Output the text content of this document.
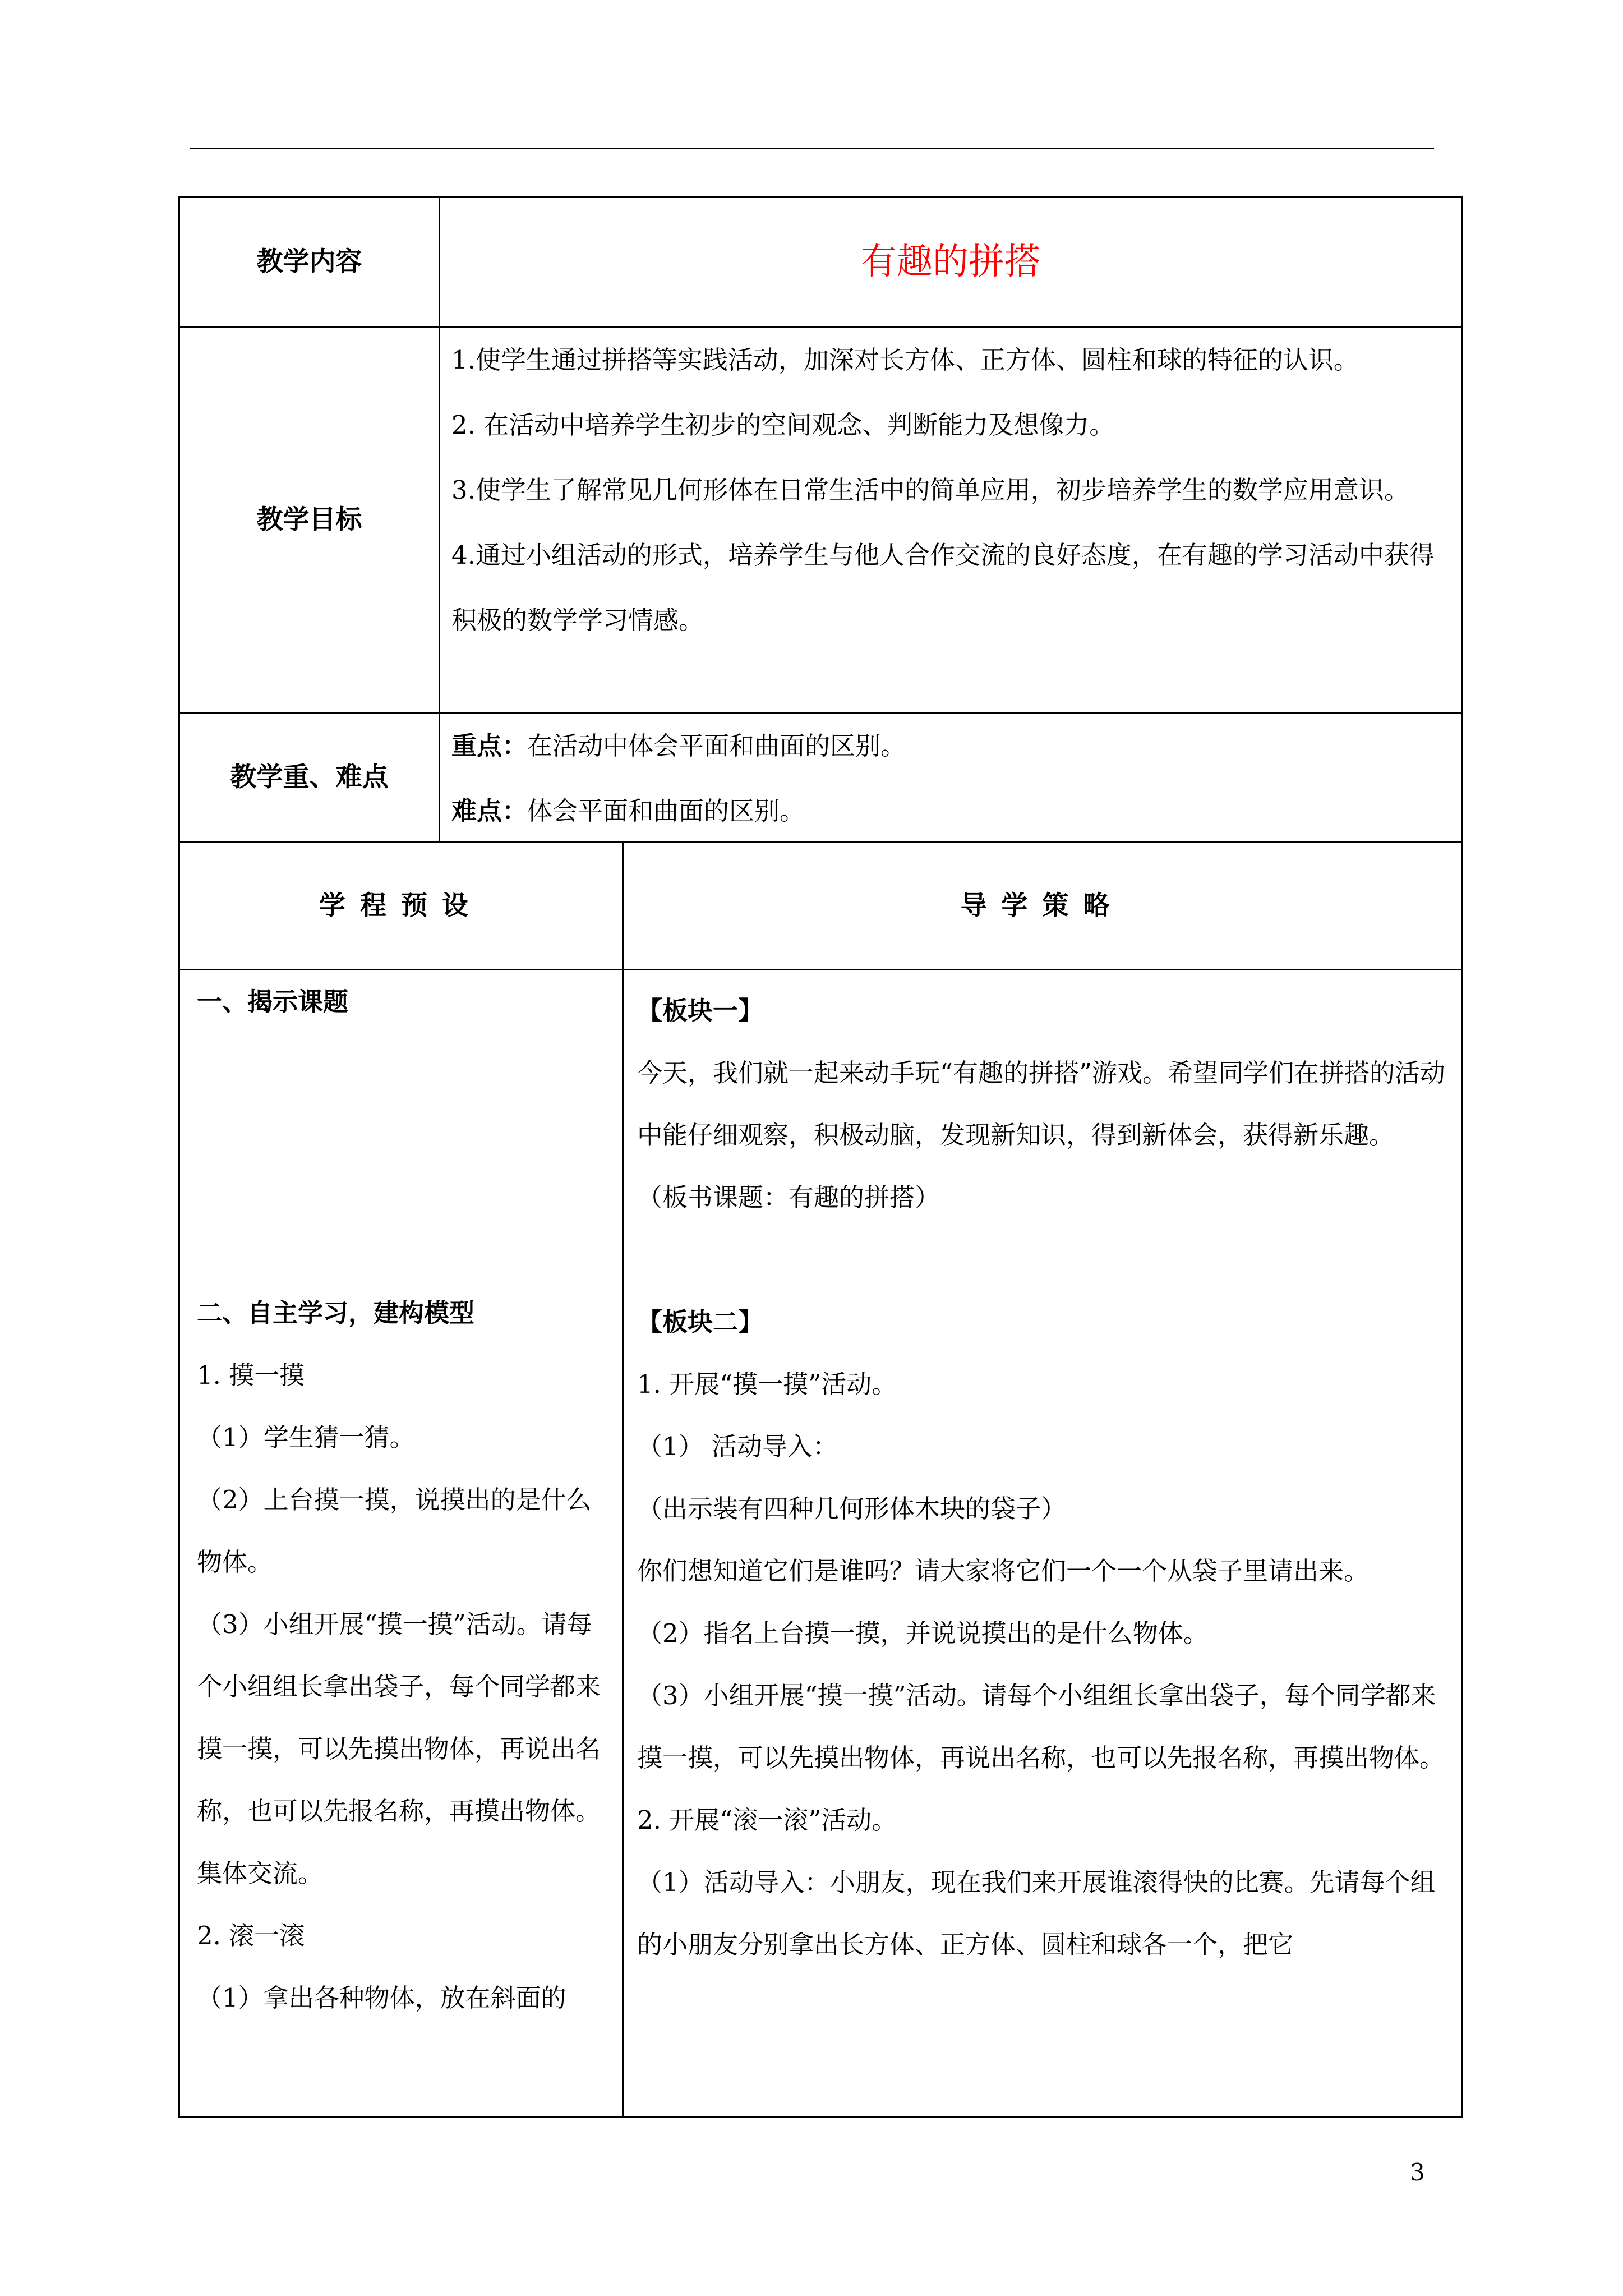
教学内容	有趣的拼搭
教学目标

1.使学生通过拼搭等实践活动，加深对长方体、正方体、圆柱和球的特征的认识。

2. 在活动中培养学生初步的空间观念、判断能力及想像力。

3.使学生了解常见几何形体在日常生活中的简单应用，初步培养学生的数学应用意识。

4.通过小组活动的形式，培养学生与他人合作交流的良好态度，在有趣的学习活动中获得积极的数学学习情感。

教学重、难点

重点：在活动中体会平面和曲面的区别。

难点：体会平面和曲面的区别。

学程预设	导学策略

一、揭示课题

二、自主学习，建构模型

1. 摸一摸

（1）学生猜一猜。

（2）上台摸一摸，说摸出的是什么物体。

（3）小组开展“摸一摸”活动。请每个小组组长拿出袋子，每个同学都来摸一摸，可以先摸出物体，再说出名称，也可以先报名称，再摸出物体。

集体交流。

2. 滚一滚

（1）拿出各种物体，放在斜面的

【板块一】

今天，我们就一起来动手玩“有趣的拼搭”游戏。希望同学们在拼搭的活动中能仔细观察，积极动脑，发现新知识，得到新体会，获得新乐趣。

（板书课题：有趣的拼搭）

【板块二】

1. 开展“摸一摸”活动。

（1） 活动导入：

（出示装有四种几何形体木块的袋子）

你们想知道它们是谁吗？请大家将它们一个一个从袋子里请出来。

（2）指名上台摸一摸，并说说摸出的是什么物体。

（3）小组开展“摸一摸”活动。请每个小组组长拿出袋子，每个同学都来摸一摸，可以先摸出物体，再说出名称，也可以先报名称，再摸出物体。

2. 开展“滚一滚”活动。

（1）活动导入：小朋友，现在我们来开展谁滚得快的比赛。先请每个组的小朋友分别拿出长方体、正方体、圆柱和球各一个，把它

3
